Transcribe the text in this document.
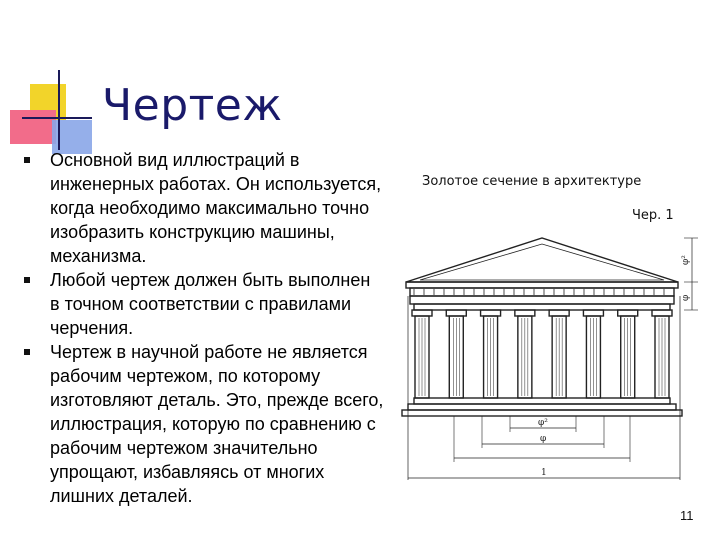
Чертеж
Основной вид иллюстраций в инженерных работах. Он используется, когда необходимо максимально точно изобразить конструкцию машины, механизма.
Любой чертеж должен быть выполнен в точном соответствии с правилами черчения.
Чертеж в научной работе не является рабочим чертежом, по которому изготовляют деталь. Это, прежде всего, иллюстрация, которую по сравнению с рабочим чертежом значительно упрощают, избавляясь от многих лишних деталей.
Золотое сечение в архитектуре
Чер. 1
φ²
φ
1
φ²
φ
11
